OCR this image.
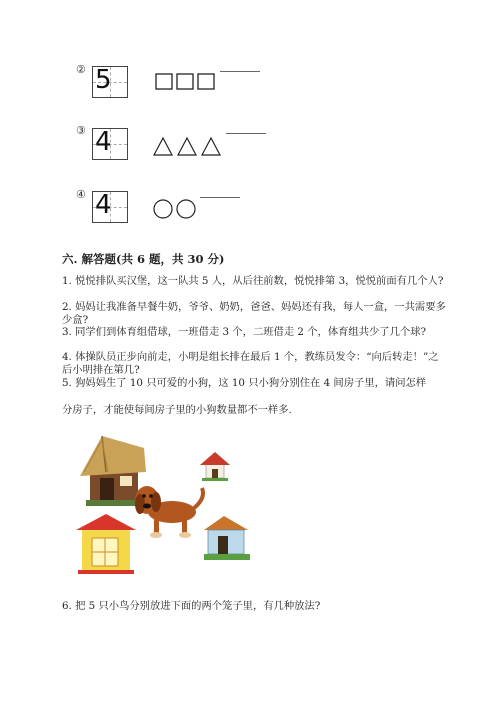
② 5
③ 4
④ 4
六. 解答题(共 6 题，共 30 分)
1. 悦悦排队买汉堡，这一队共 5 人，从后往前数，悦悦排第 3，悦悦前面有几个人?
2. 妈妈让我准备早餐牛奶，爷爷、奶奶，爸爸、妈妈还有我，每人一盒，一共需要多少盒?
3. 同学们到体育组借球，一班借走 3 个，二班借走 2 个，体育组共少了几个球?
4. 体操队员正步向前走，小明是组长排在最后 1 个，教练员发令：“向后转走！”之后小明排在第几?
5. 狗妈妈生了 10 只可爱的小狗，这 10 只小狗分别住在 4 间房子里，请问怎样
分房子，才能使每间房子里的小狗数量都不一样多.
6. 把 5 只小鸟分别放进下面的两个笼子里，有几种放法?
